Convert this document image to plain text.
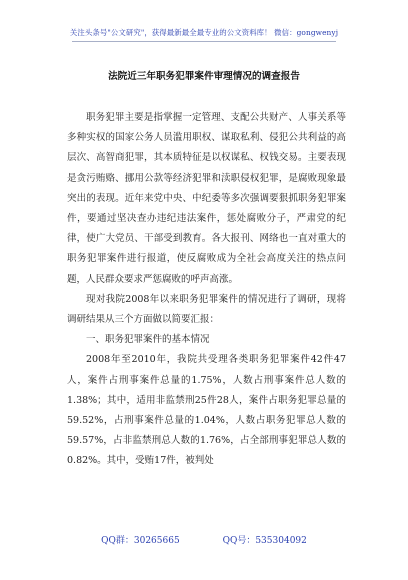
关注头条号"公文研究"，获得最新最全最专业的公文资料库！ 微信：gongwenyj
法院近三年职务犯罪案件审理情况的调查报告

职务犯罪主要是指掌握一定管理、支配公共财产、人事关系等多种实权的国家公务人员滥用职权、谋取私利、侵犯公共利益的高层次、高智商犯罪，其本质特征是以权谋私、权钱交易。主要表现是贪污贿赂、挪用公款等经济犯罪和渎职侵权犯罪，是腐败现象最突出的表现。近年来党中央、中纪委等多次强调要狠抓职务犯罪案件，要通过坚决查办违纪违法案件，惩处腐败分子，严肃党的纪律，使广大党员、干部受到教育。各大报刊、网络也一直对重大的职务犯罪案件进行报道，使反腐败成为全社会高度关注的热点问题，人民群众要求严惩腐败的呼声高涨。

现对我院2008年以来职务犯罪案件的情况进行了调研，现将调研结果从三个方面做以简要汇报：

一、职务犯罪案件的基本情况

2008年至2010年，我院共受理各类职务犯罪案件42件47人，案件占刑事案件总量的1.75%，人数占刑事案件总人数的1.38%；其中，适用非监禁刑25件28人，案件占职务犯罪总量的59.52%，占刑事案件总量的1.04%，人数占职务犯罪总人数的59.57%，占非监禁刑总人数的1.76%，占全部刑事犯罪总人数的0.82%。其中，受贿17件，被判处

QQ群：30265665	QQ号：535304092
